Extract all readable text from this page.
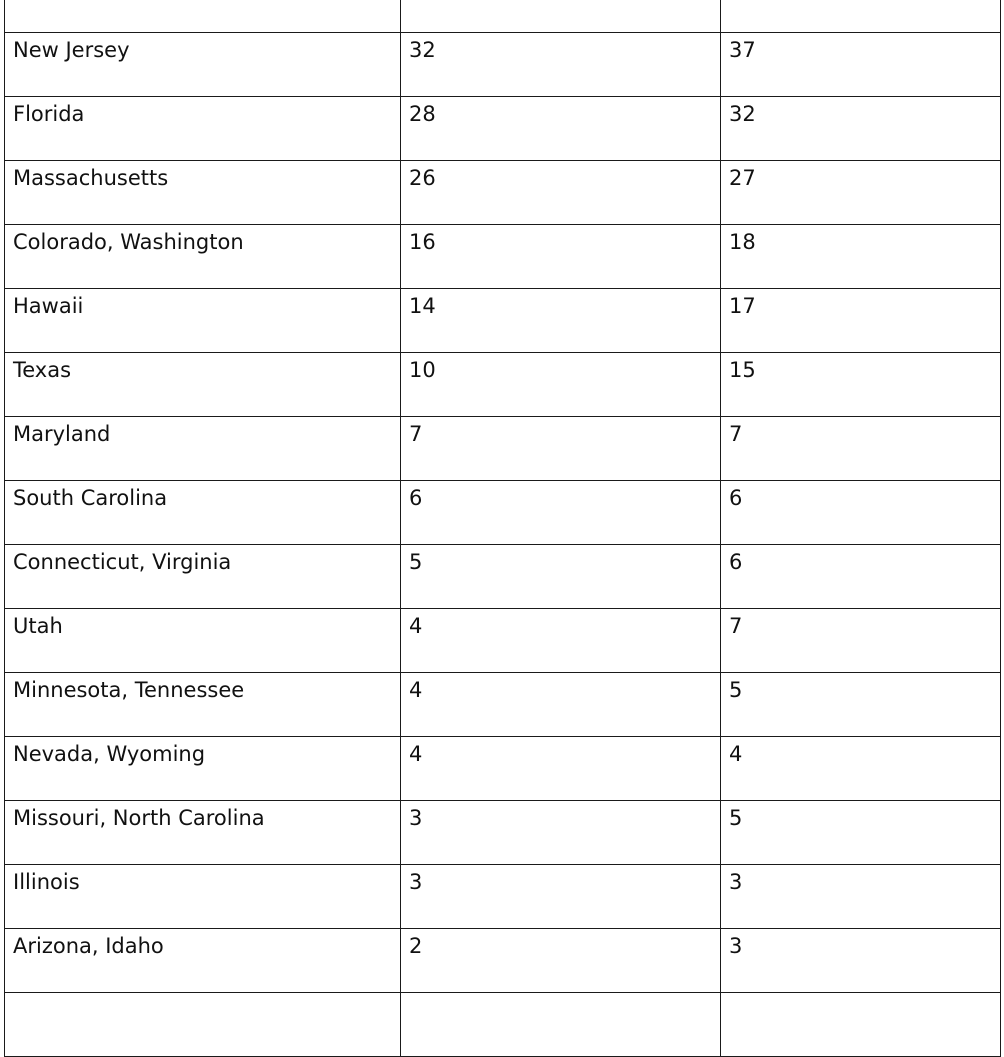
New Jersey	32	37
Florida	28	32
Massachusetts	26	27
Colorado, Washington	16	18
Hawaii	14	17
Texas	10	15
Maryland	7	7
South Carolina	6	6
Connecticut, Virginia	5	6
Utah	4	7
Minnesota, Tennessee	4	5
Nevada, Wyoming	4	4
Missouri, North Carolina	3	5
Illinois	3	3
Arizona, Idaho	2	3
